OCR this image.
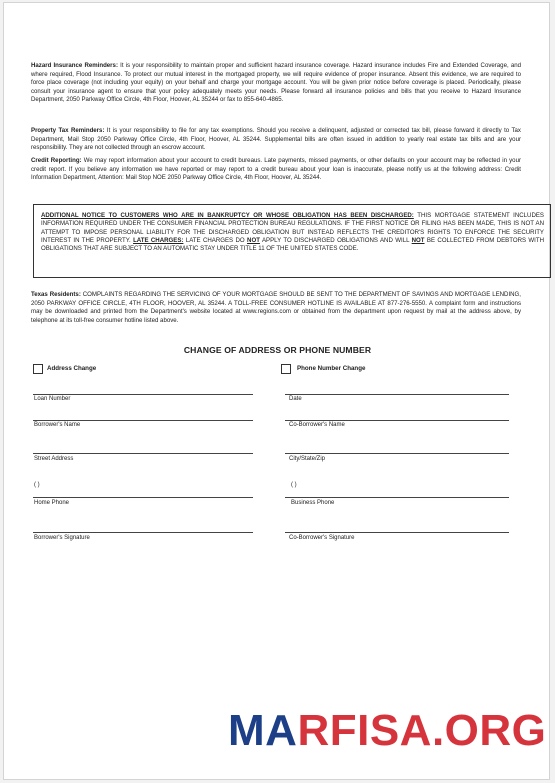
Hazard Insurance Reminders: It is your responsibility to maintain proper and sufficient hazard insurance coverage. Hazard insurance includes Fire and Extended Coverage, and where required, Flood Insurance. To protect our mutual interest in the mortgaged property, we will require evidence of proper insurance. Absent this evidence, we are required to force place coverage (not including your equity) on your behalf and charge your mortgage account. You will be given prior notice before coverage is placed. Periodically, please consult your insurance agent to ensure that your policy adequately meets your needs. Please forward all insurance policies and bills that you receive to Hazard Insurance Department, 2050 Parkway Office Circle, 4th Floor, Hoover, AL 35244 or fax to 855-640-4865.

Property Tax Reminders: It is your responsibility to file for any tax exemptions. Should you receive a delinquent, adjusted or corrected tax bill, please forward it directly to Tax Department, Mail Stop 2050 Parkway Office Circle, 4th Floor, Hoover, AL 35244. Supplemental bills are often issued in addition to yearly real estate tax bills and are your responsibility. They are not collected through an escrow account.

Credit Reporting: We may report information about your account to credit bureaus. Late payments, missed payments, or other defaults on your account may be reflected in your credit report. If you believe any information we have reported or may report to a credit bureau about your loan is inaccurate, please notify us at the following address: Credit Information Department, Attention: Mail Stop NOE 2050 Parkway Office Circle, 4th Floor, Hoover, AL 35244.

ADDITIONAL NOTICE TO CUSTOMERS WHO ARE IN BANKRUPTCY OR WHOSE OBLIGATION HAS BEEN DISCHARGED: THIS MORTGAGE STATEMENT INCLUDES INFORMATION REQUIRED UNDER THE CONSUMER FINANCIAL PROTECTION BUREAU REGULATIONS. IF THE FIRST NOTICE OR FILING HAS BEEN MADE, THIS IS NOT AN ATTEMPT TO IMPOSE PERSONAL LIABILITY FOR THE DISCHARGED OBLIGATION BUT INSTEAD REFLECTS THE CREDITOR'S RIGHTS TO ENFORCE THE SECURITY INTEREST IN THE PROPERTY. LATE CHARGES: LATE CHARGES DO NOT APPLY TO DISCHARGED OBLIGATIONS AND WILL NOT BE COLLECTED FROM DEBTORS WITH OBLIGATIONS THAT ARE SUBJECT TO AN AUTOMATIC STAY UNDER TITLE 11 OF THE UNITED STATES CODE.

Texas Residents: COMPLAINTS REGARDING THE SERVICING OF YOUR MORTGAGE SHOULD BE SENT TO THE DEPARTMENT OF SAVINGS AND MORTGAGE LENDING, 2050 PARKWAY OFFICE CIRCLE, 4TH FLOOR, HOOVER, AL 35244. A TOLL-FREE CONSUMER HOTLINE IS AVAILABLE AT 877-276-5550. A complaint form and instructions may be downloaded and printed from the Department's website located at www.regions.com or obtained from the department upon request by mail at the address above, by telephone at its toll-free consumer hotline listed above.

CHANGE OF ADDRESS OR PHONE NUMBER
Address Change	Phone Number Change
Loan Number	Date
Borrower's Name	Co-Borrower's Name
Street Address	City/State/Zip
( )	( )
Home Phone	Business Phone
Borrower's Signature	Co-Borrower's Signature
MARFISA.ORG
